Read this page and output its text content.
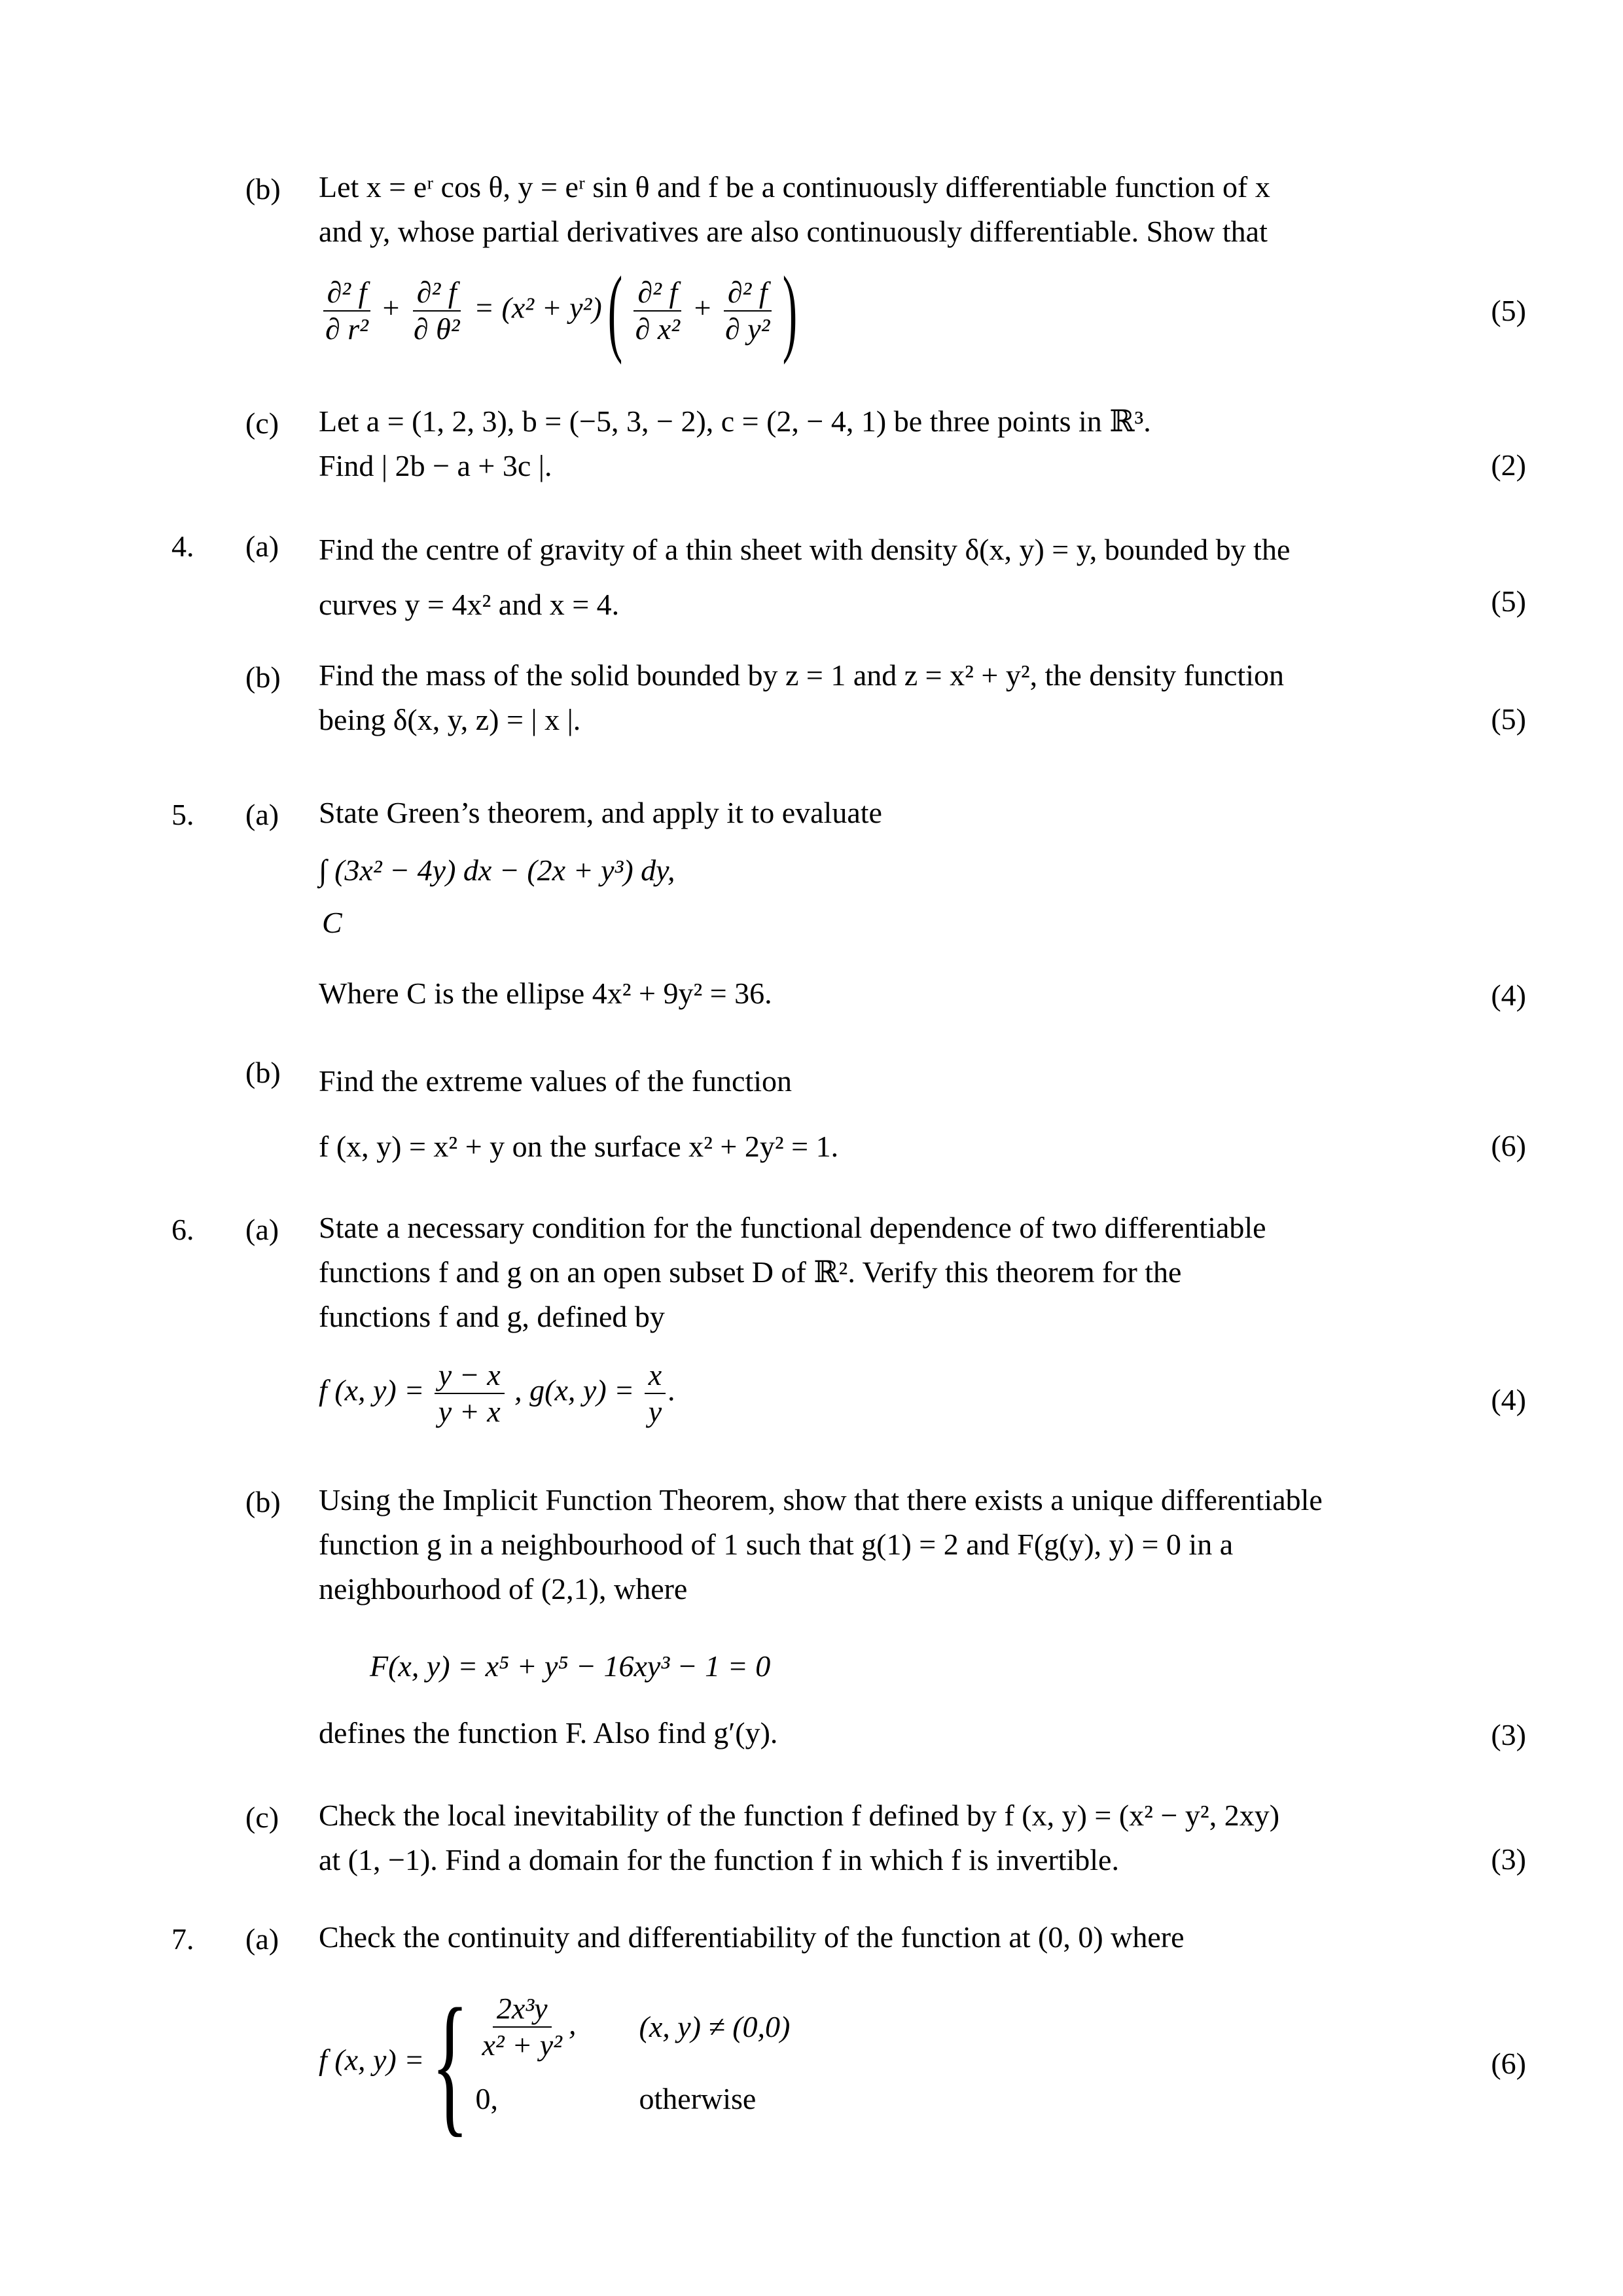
(b) Let x = eʳ cos θ, y = eʳ sin θ and f be a continuously differentiable function of x
and y, whose partial derivatives are also continuously differentiable. Show that
$\frac{\text{∂² f}}{\text{∂ r²}} + \frac{\text{∂² f}}{\text{∂ θ²}} = (x^2 + y^2)$ ( $\frac{\text{∂² f}}{\text{∂ x²}} + \frac{\text{∂² f}}{\text{∂ y²}}$ )	(5)
(c) Let a = (1, 2, 3), b = (−5, 3, − 2), c = (2, − 4, 1) be three points in ℝ³.
Find | 2b − a + 3c |.	(2)
4. (a) Find the centre of gravity of a thin sheet with density δ(x, y) = y, bounded by the
curves y = 4x² and x = 4.	(5)
(b) Find the mass of the solid bounded by z = 1 and z = x² + y², the density function
being δ(x, y, z) = | x |.	(5)
5. (a) State Green’s theorem, and apply it to evaluate
∫ (3x² − 4y) dx − (2x + y³) dy,
C
Where C is the ellipse 4x² + 9y² = 36.	(4)
(b) Find the extreme values of the function
f (x, y) = x² + y on the surface x² + 2y² = 1.	(6)
6. (a) State a necessary condition for the functional dependence of two differentiable
functions f and g on an open subset D of ℝ². Verify this theorem for the
functions f and g, defined by
f (x, $y) = \frac{y - x}{y + x}$ , g(x, $y) = \frac{x}{y}$ .	(4)
(b) Using the Implicit Function Theorem, show that there exists a unique differentiable
function g in a neighbourhood of 1 such that g(1) = 2 and F(g(y), y) = 0 in a
neighbourhood of (2,1), where
F(x, y) = x⁵ + y⁵ − 16xy³ − 1 = 0
defines the function F. Also find g′(y).	(3)
(c) Check the local inevitability of the function f defined by f (x, y) = (x² − y², 2xy)
at (1, −1). Find a domain for the function f in which f is invertible.	(3)
7. (a) Check the continuity and differentiability of the function at (0, 0) where
f (x, y) = { $\frac{\text{2x³y}}{\text{x² + y²}}$ ,	(x, y) ≠ (0,0)
0,	otherwise
(6)
